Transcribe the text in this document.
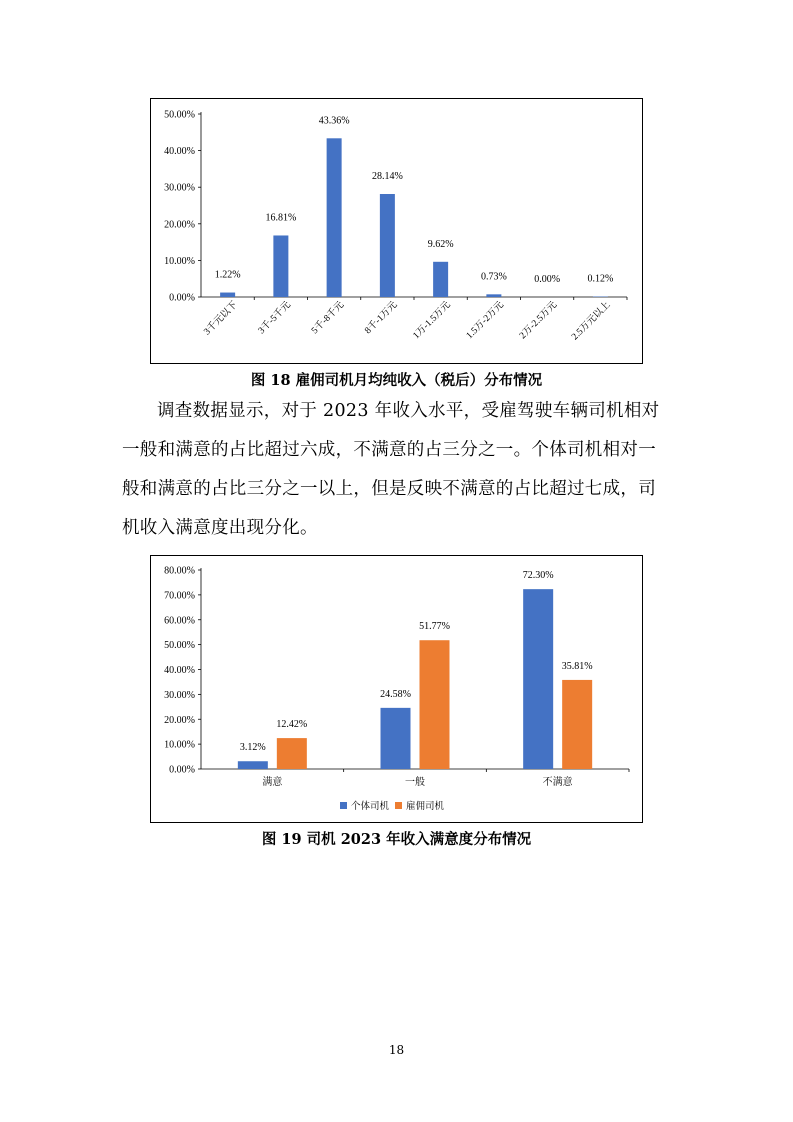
0.00%
10.00%
20.00%
30.00%
40.00%
50.00%
1.22%
3千元以下
16.81%
3千-5千元
43.36%
5千-8千元
28.14%
8千-1万元
9.62%
1万-1.5万元
0.73%
1.5万-2万元
0.00%
2万-2.5万元
0.12%
2.5万元以上
图 18 雇佣司机月均纯收入（税后）分布情况
调查数据显示，对于 2023 年收入水平，受雇驾驶车辆司机相对
一般和满意的占比超过六成，不满意的占三分之一。个体司机相对一
般和满意的占比三分之一以上，但是反映不满意的占比超过七成，司
机收入满意度出现分化。
0.00%
10.00%
20.00%
30.00%
40.00%
50.00%
60.00%
70.00%
80.00%
3.12%
12.42%
满意
24.58%
51.77%
一般
72.30%
35.81%
不满意
个体司机 雇佣司机
图 19 司机 2023 年收入满意度分布情况
18
